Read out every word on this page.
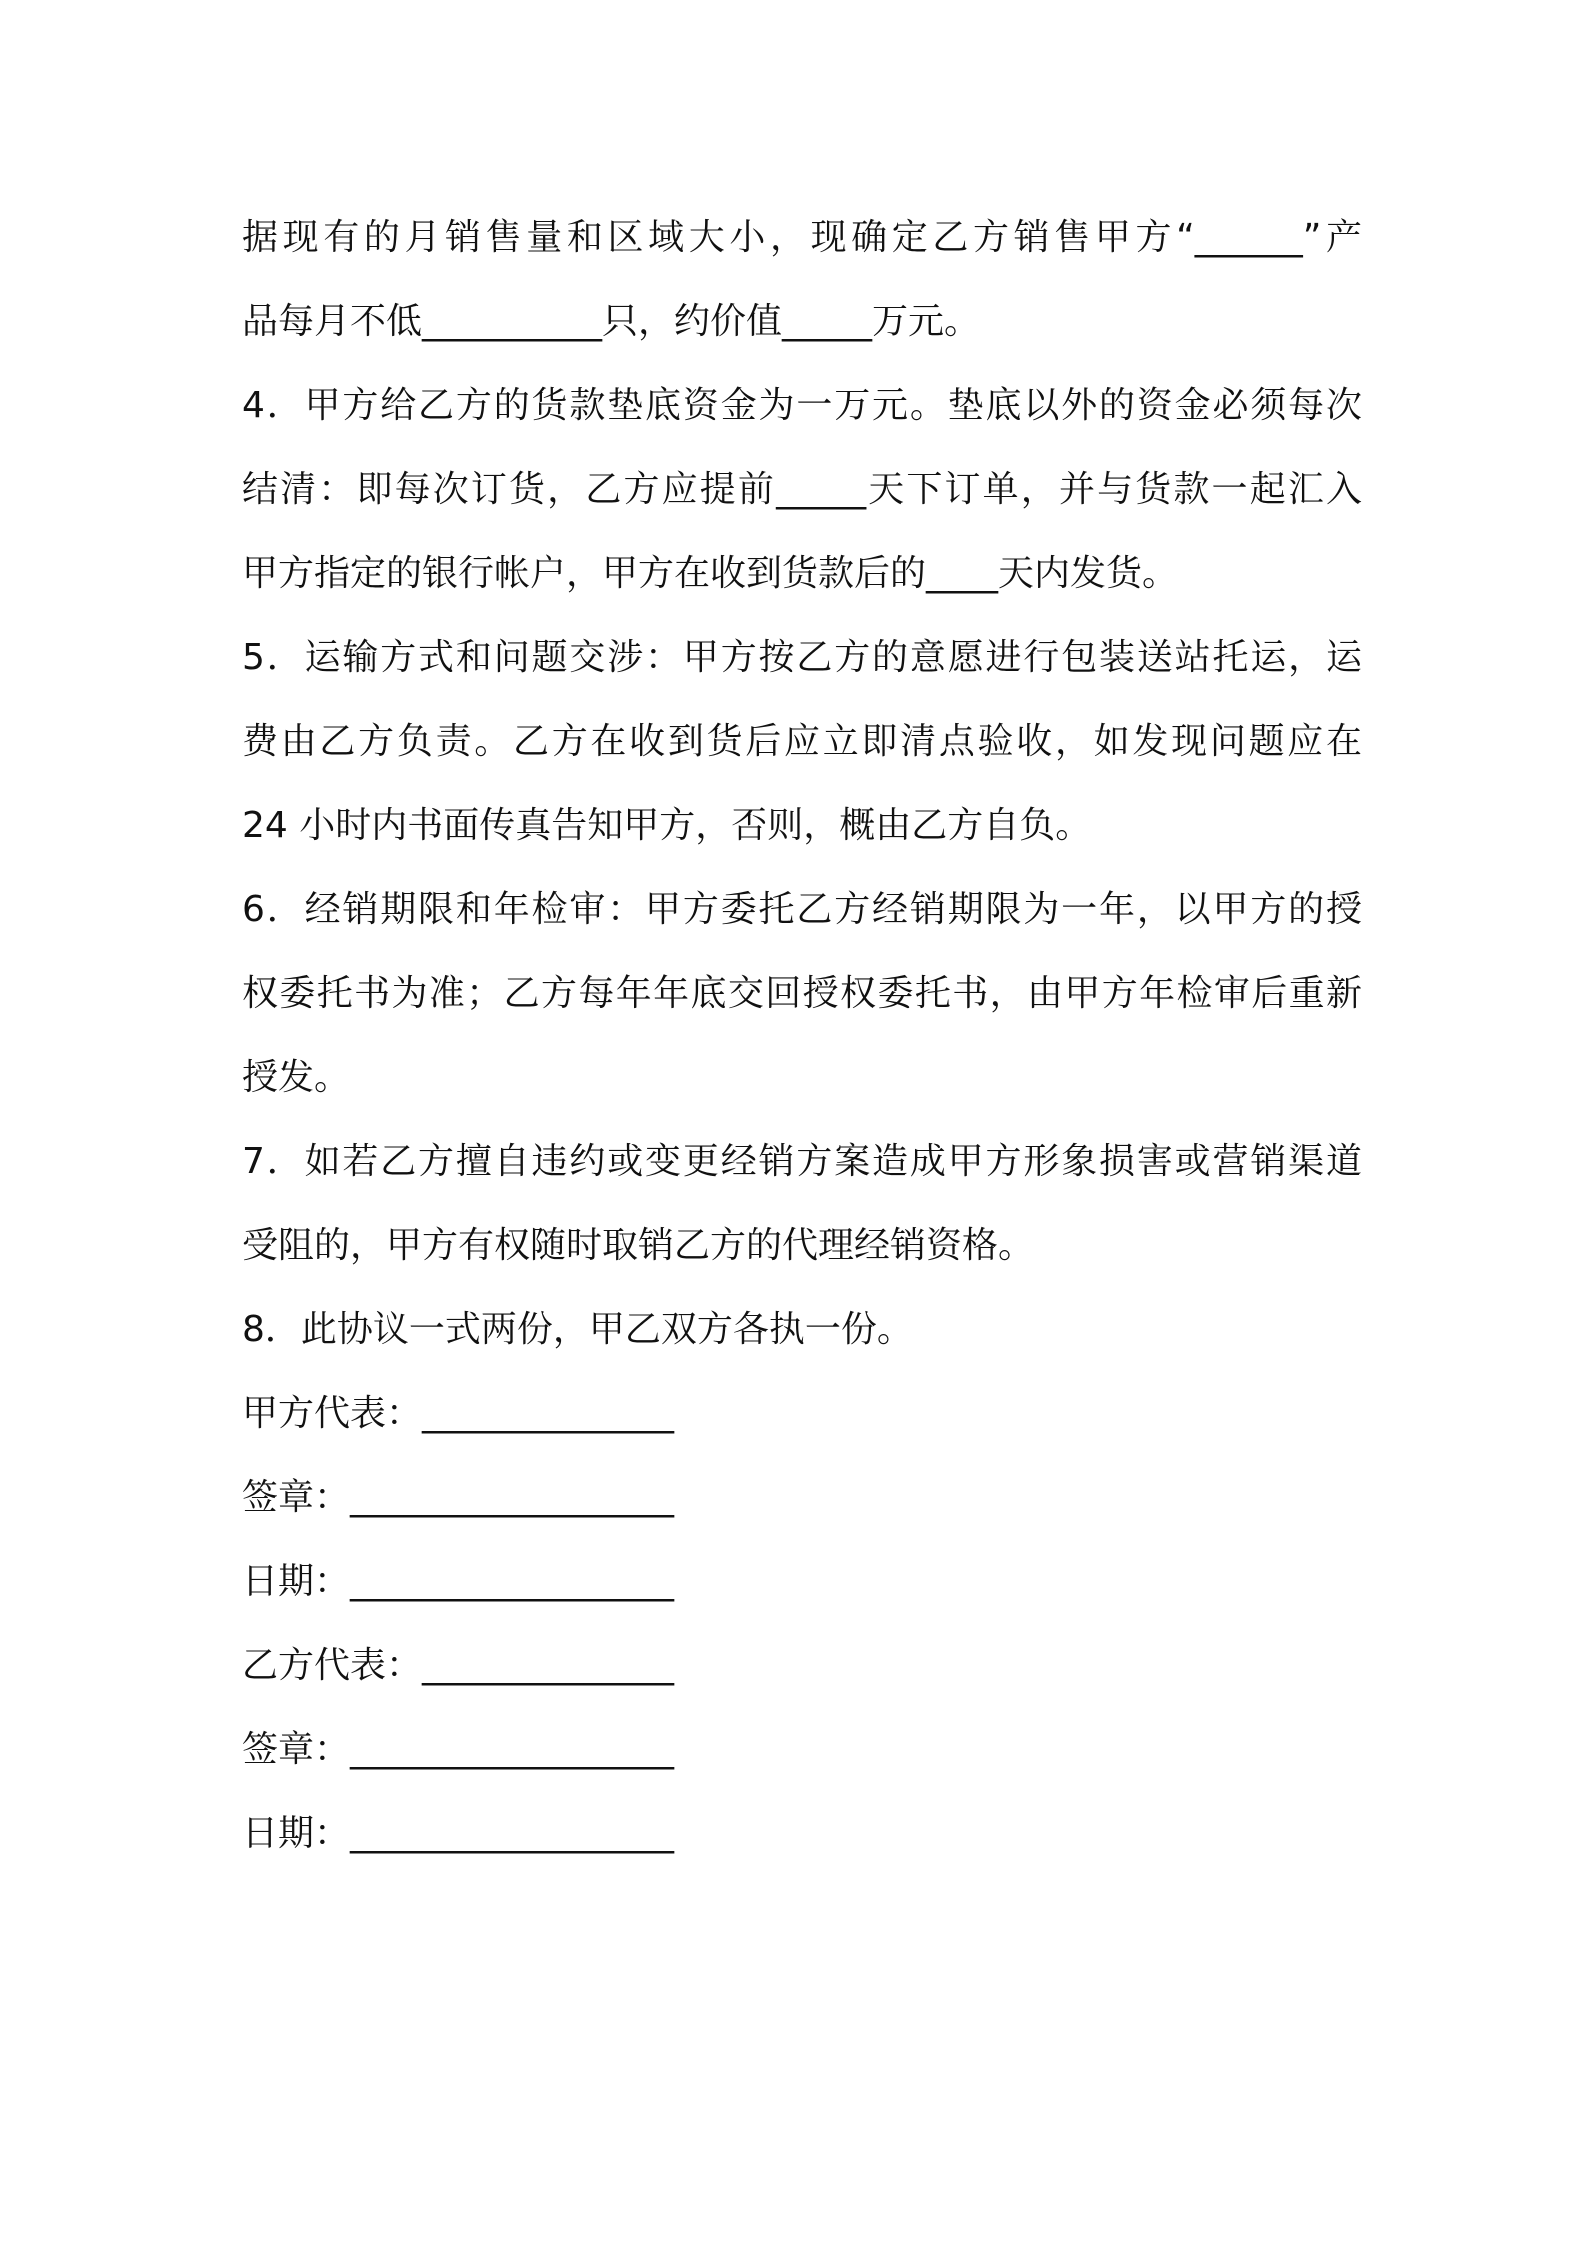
据现有的月销售量和区域大小，现确定乙方销售甲方“______”产
品每月不低__________只，约价值_____万元。
4．甲方给乙方的货款垫底资金为一万元。垫底以外的资金必须每次
结清：即每次订货，乙方应提前_____天下订单，并与货款一起汇入
甲方指定的银行帐户，甲方在收到货款后的____天内发货。
5．运输方式和问题交涉：甲方按乙方的意愿进行包装送站托运，运
费由乙方负责。乙方在收到货后应立即清点验收，如发现问题应在
24 小时内书面传真告知甲方，否则，概由乙方自负。
6．经销期限和年检审：甲方委托乙方经销期限为一年，以甲方的授
权委托书为准；乙方每年年底交回授权委托书，由甲方年检审后重新
授发。
7．如若乙方擅自违约或变更经销方案造成甲方形象损害或营销渠道
受阻的，甲方有权随时取销乙方的代理经销资格。
8．此协议一式两份，甲乙双方各执一份。
甲方代表：______________
签章：__________________
日期：__________________
乙方代表：______________
签章：__________________
日期：__________________
